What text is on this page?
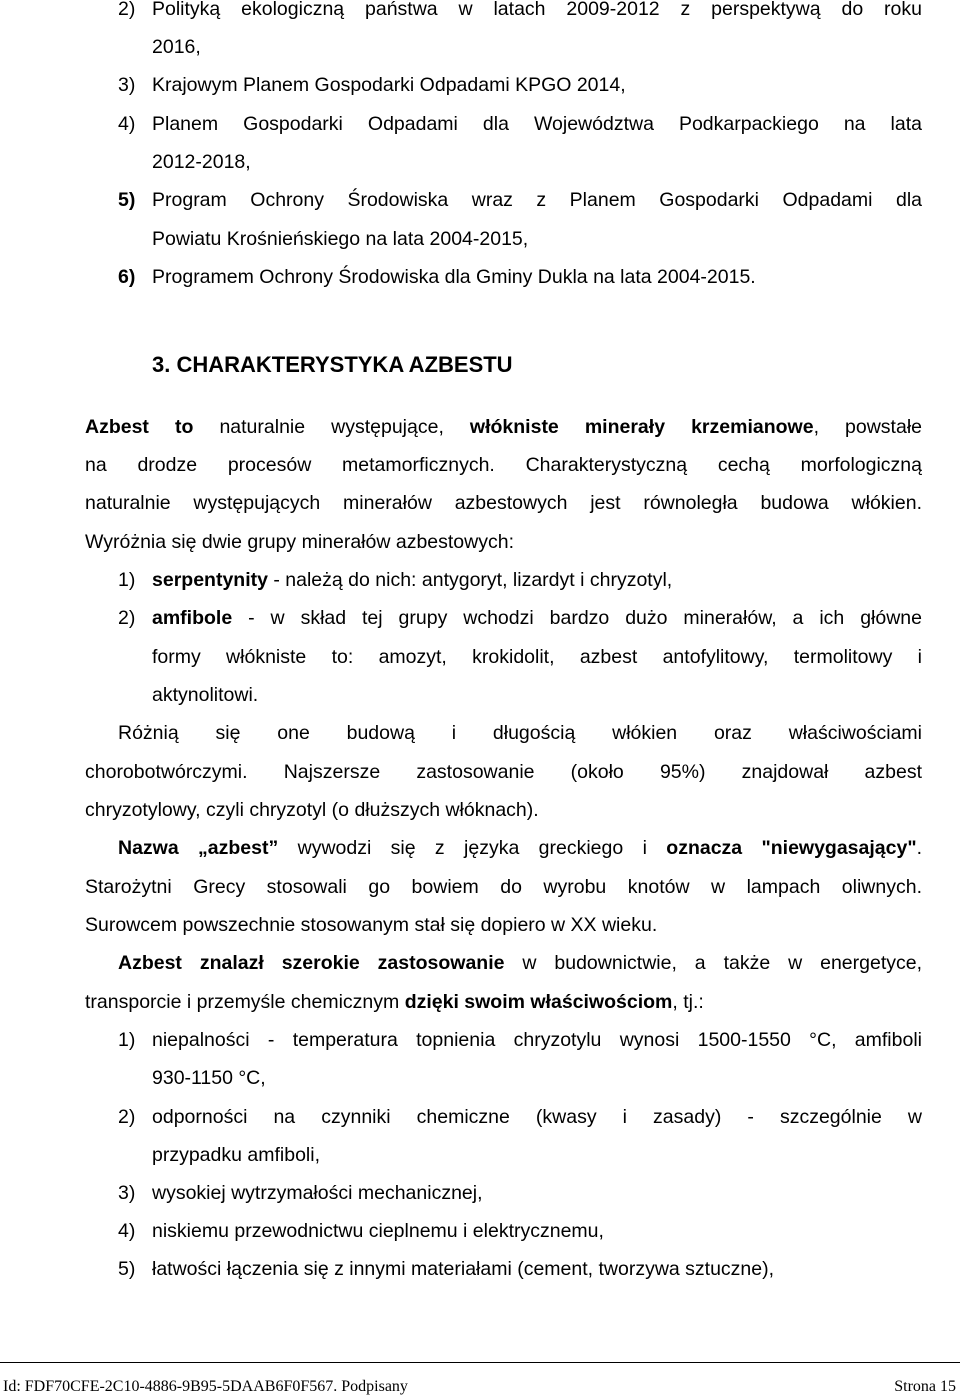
2) Polityką ekologiczną państwa w latach 2009-2012 z perspektywą do roku
2016,
3) Krajowym Planem Gospodarki Odpadami KPGO 2014,
4) Planem Gospodarki Odpadami dla Województwa Podkarpackiego na lata
2012-2018,
5) Program Ochrony Środowiska wraz z Planem Gospodarki Odpadami dla
Powiatu Krośnieńskiego na lata 2004-2015,
6) Programem Ochrony Środowiska dla Gminy Dukla na lata 2004-2015.
3. CHARAKTERYSTYKA AZBESTU
Azbest to naturalnie występujące, włókniste minerały krzemianowe, powstałe
na drodze procesów metamorficznych. Charakterystyczną cechą morfologiczną
naturalnie występujących minerałów azbestowych jest równoległa budowa włókien.
Wyróżnia się dwie grupy minerałów azbestowych:
1) serpentynity - należą do nich: antygoryt, lizardyt i chryzotyl,
2) amfibole - w skład tej grupy wchodzi bardzo dużo minerałów, a ich główne
formy włókniste to: amozyt, krokidolit, azbest antofylitowy, termolitowy i
aktynolitowi.
Różnią się one budową i długością włókien oraz właściwościami
chorobotwórczymi. Najszersze zastosowanie (około 95%) znajdował azbest
chryzotylowy, czyli chryzotyl (o dłuższych włóknach).
Nazwa „azbest” wywodzi się z języka greckiego i oznacza "niewygasający".
Starożytni Grecy stosowali go bowiem do wyrobu knotów w lampach oliwnych.
Surowcem powszechnie stosowanym stał się dopiero w XX wieku.
Azbest znalazł szerokie zastosowanie w budownictwie, a także w energetyce,
transporcie i przemyśle chemicznym dzięki swoim właściwościom, tj.:
1) niepalności - temperatura topnienia chryzotylu wynosi 1500-1550 °C, amfiboli
930-1150 °C,
2) odporności na czynniki chemiczne (kwasy i zasady) - szczególnie w
przypadku amfiboli,
3) wysokiej wytrzymałości mechanicznej,
4) niskiemu przewodnictwu cieplnemu i elektrycznemu,
5) łatwości łączenia się z innymi materiałami (cement, tworzywa sztuczne),
Id: FDF70CFE-2C10-4886-9B95-5DAAB6F0F567. Podpisany	Strona 15
